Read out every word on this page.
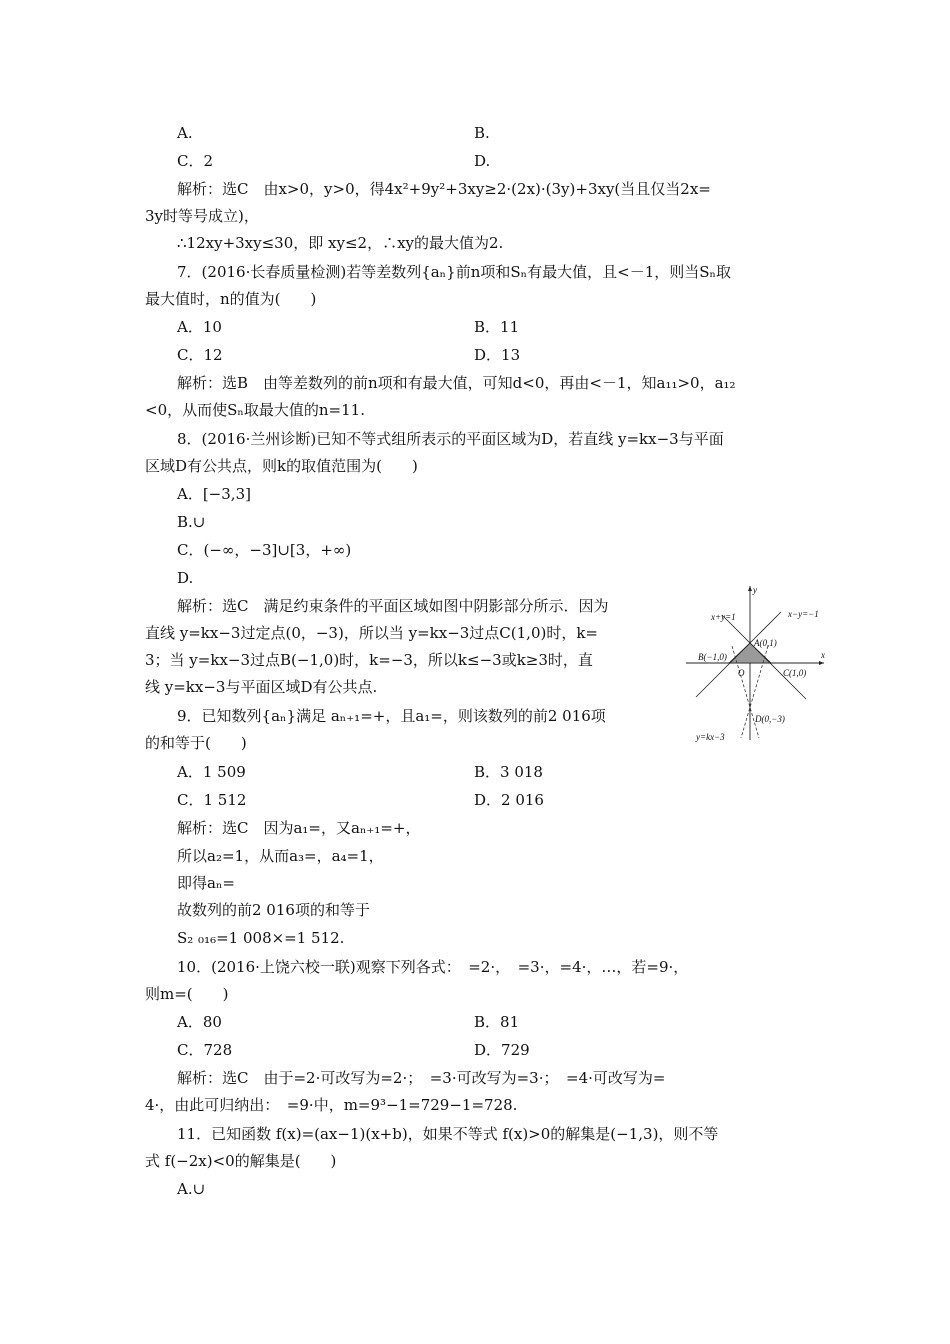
A.	B.
C．2	D.
解析：选C　由x>0，y>0，得4x²+9y²+3xy≥2·(2x)·(3y)+3xy(当且仅当2x=
3y时等号成立)，
∴12xy+3xy≤30，即 xy≤2，∴xy的最大值为2.
7．(2016·长春质量检测)若等差数列{aₙ}前n项和Sₙ有最大值，且<－1，则当Sₙ取
最大值时，n的值为(　　)
A．10	B．11
C．12	D．13
解析：选B　由等差数列的前n项和有最大值，可知d<0，再由<－1，知a₁₁>0，a₁₂
<0，从而使Sₙ取最大值的n=11.
8．(2016·兰州诊断)已知不等式组所表示的平面区域为D，若直线 y=kx−3与平面
区域D有公共点，则k的取值范围为(　　)
A．[−3,3]
B.∪
C．(−∞，−3]∪[3，+∞)
D.
解析：选C　满足约束条件的平面区域如图中阴影部分所示．因为
直线 y=kx−3过定点(0，−3)，所以当 y=kx−3过点C(1,0)时，k=
3；当 y=kx−3过点B(−1,0)时，k=−3，所以k≤−3或k≥3时，直
线 y=kx−3与平面区域D有公共点.
9．已知数列{aₙ}满足 aₙ₊₁=+，且a₁=，则该数列的前2 016项
的和等于(　　)
A．1 509	B．3 018
C．1 512	D．2 016
解析：选C　因为a₁=，又aₙ₊₁=+，
所以a₂=1，从而a₃=，a₄=1，
即得aₙ=
故数列的前2 016项的和等于
S₂ ₀₁₆=1 008×=1 512.
10．(2016·上饶六校一联)观察下列各式：　=2·，　=3·，=4·，…，若=9·，
则m=(　　)
A．80	B．81
C．728	D．729
解析：选C　由于=2·可改写为=2·；　=3·可改写为=3·；　=4·可改写为=
4·，由此可归纳出：　=9·中，m=9³−1=729−1=728.
11．已知函数 f(x)=(ax−1)(x+b)，如果不等式 f(x)>0的解集是(−1,3)，则不等
式 f(−2x)<0的解集是(　　)
A.∪
y
x+y=1	x−y=−1
A(0,1)
B(−1,0)
O	C(1,0)
x
D(0,−3)
y=kx−3
